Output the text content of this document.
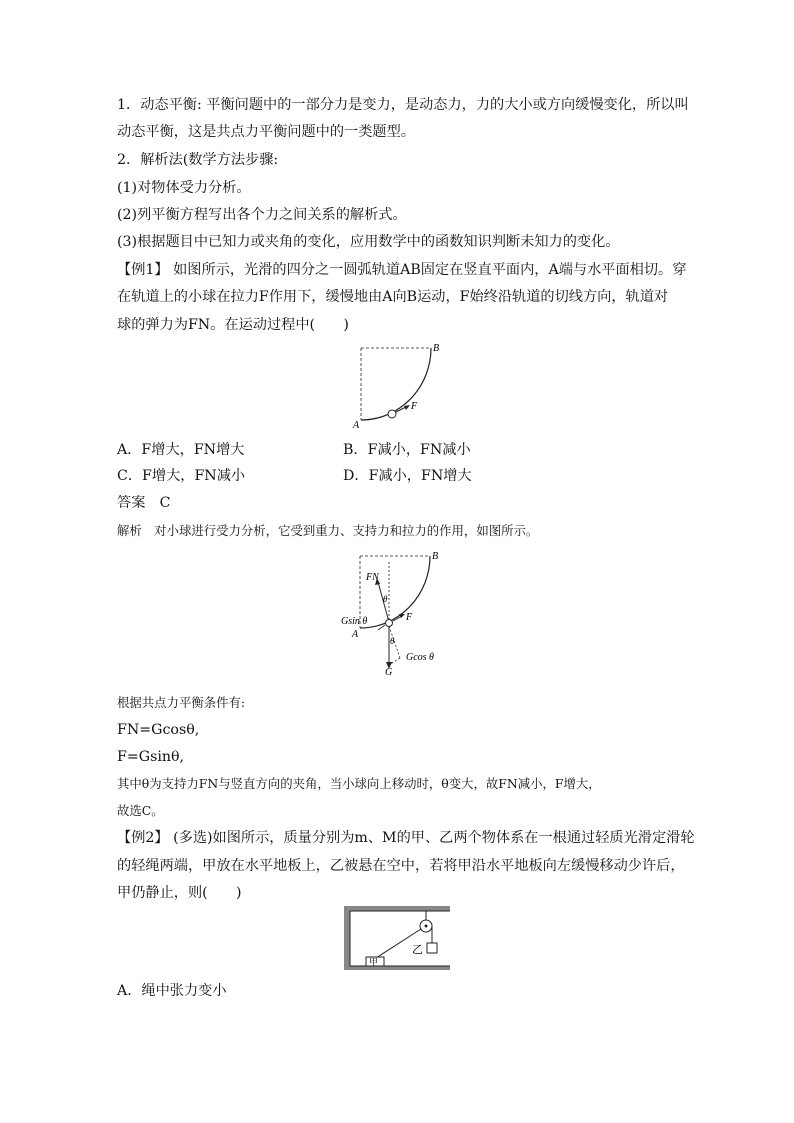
1．动态平衡: 平衡问题中的一部分力是变力，是动态力，力的大小或方向缓慢变化，所以叫
动态平衡，这是共点力平衡问题中的一类题型。
2．解析法(数学方法步骤:
(1)对物体受力分析。
(2)列平衡方程写出各个力之间关系的解析式。
(3)根据题目中已知力或夹角的变化，应用数学中的函数知识判断未知力的变化。
【例1】 如图所示，光滑的四分之一圆弧轨道AB固定在竖直平面内，A端与水平面相切。穿
在轨道上的小球在拉力F作用下，缓慢地由A向B运动，F始终沿轨道的切线方向，轨道对
球的弹力为FN。在运动过程中(　　)
B
A
F
A．F增大，FN增大	B．F减小，FN减小
C．F增大，FN减小	D．F减小，FN增大
答案　C
解析　对小球进行受力分析，它受到重力、支持力和拉力的作用，如图所示。
B
FN
θ
Gsin θ	F
A
θ
Gcos θ
G
根据共点力平衡条件有:
FN=Gcosθ,
F=Gsinθ,
其中θ为支持力FN与竖直方向的夹角，当小球向上移动时，θ变大，故FN减小，F增大，
故选C。
【例2】 (多选)如图所示，质量分别为m、M的甲、乙两个物体系在一根通过轻质光滑定滑轮
的轻绳两端，甲放在水平地板上，乙被悬在空中，若将甲沿水平地板向左缓慢移动少许后，
甲仍静止，则(　　)
乙
甲
A．绳中张力变小
